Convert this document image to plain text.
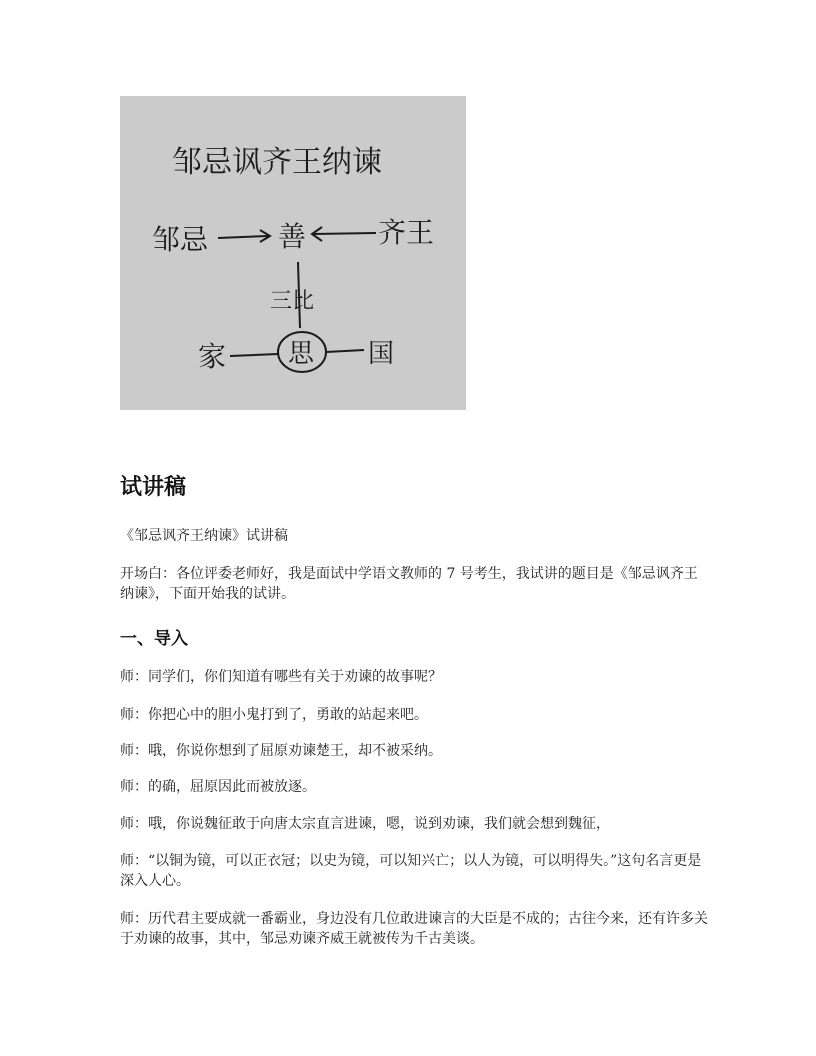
邹忌讽齐王纳谏
邹忌 善	齐王
三比
家 思 国
试讲稿

《邹忌讽齐王纳谏》试讲稿

开场白：各位评委老师好，我是面试中学语文教师的 7 号考生，我试讲的题目是《邹忌讽齐王纳谏》，下面开始我的试讲。

一、导入

师：同学们，你们知道有哪些有关于劝谏的故事呢？

师：你把心中的胆小鬼打到了，勇敢的站起来吧。

师：哦，你说你想到了屈原劝谏楚王，却不被采纳。

师：的确，屈原因此而被放逐。

师：哦，你说魏征敢于向唐太宗直言进谏，嗯，说到劝谏，我们就会想到魏征，

师：“以铜为镜，可以正衣冠；以史为镜，可以知兴亡；以人为镜，可以明得失。”这句名言更是深入人心。

师：历代君主要成就一番霸业，身边没有几位敢进谏言的大臣是不成的；古往今来，还有许多关于劝谏的故事，其中，邹忌劝谏齐威王就被传为千古美谈。
